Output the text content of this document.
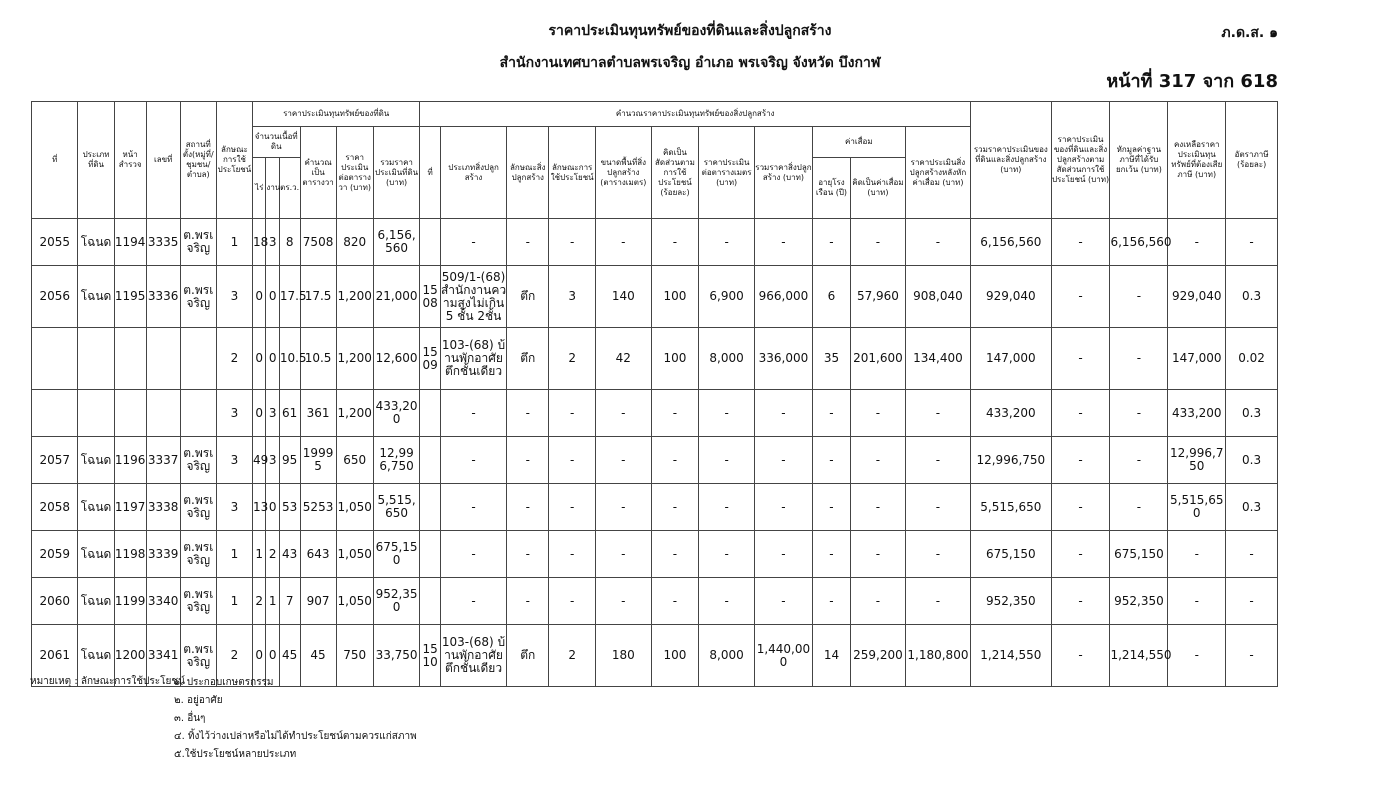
ราคาประเมินทุนทรัพย์ของที่ดินและสิ่งปลูกสร้าง
สำนักงานเทศบาลตำบลพรเจริญ อำเภอ พรเจริญ จังหวัด บึงกาฬ
ภ.ด.ส. ๑
หน้าที่ 317 จาก 618
ที่	ประเภทที่ดิน	หน้าสำรวจ	เลขที่	สถานที่ตั้ง(หมู่ที่/ชุมชน/ตำบล)	ลักษณะการใช้ประโยชน์	ราคาประเมินทุนทรัพย์ของที่ดิน						คำนวณราคาประเมินทุนทรัพย์ของสิ่งปลูกสร้าง											รวมราคาประเมินของที่ดินและสิ่งปลูกสร้าง (บาท)	ราคาประเมินของที่ดินและสิ่งปลูกสร้างตามสัดส่วนการใช้ประโยชน์ (บาท)	หักมูลค่าฐานภาษีที่ได้รับยกเว้น (บาท)	คงเหลือราคาประเมินทุนทรัพย์ที่ต้องเสียภาษี (บาท)	อัตราภาษี (ร้อยละ)
						จำนวนเนื้อที่ดิน			คำนวณเป็นตารางวา	ราคาประเมินต่อตารางวา (บาท)	รวมราคาประเมินที่ดิน (บาท)	ที่	ประเภทสิ่งปลูกสร้าง	ลักษณะสิ่งปลูกสร้าง	ลักษณะการใช้ประโยชน์	ขนาดพื้นที่สิ่งปลูกสร้าง (ตารางเมตร)	คิดเป็นสัดส่วนตามการใช้ประโยชน์ (ร้อยละ)	ราคาประเมินต่อตารางเมตร (บาท)	รวมราคาสิ่งปลูกสร้าง (บาท)	ค่าเสื่อม		ราคาประเมินสิ่งปลูกสร้างหลังหักค่าเสื่อม (บาท)					
						ไร่	งาน	ตร.ว.												อายุโรงเรือน (ปี)	คิดเป็นค่าเสื่อม (บาท)						
2055	โฉนด	1194	3335	ต.พรเจริญ	1	18	3	8	7508	820	6,156,560		-	-	-	-	-	-	-	-	-	-	6,156,560	-	6,156,560	-	-
2056	โฉนด	1195	3336	ต.พรเจริญ	3	0	0	17.5	17.5	1,200	21,000	1508	509/1-(68) สำนักงานความสูงไม่เกิน 5 ชั้น 2ชั้น	ตึก	3	140	100	6,900	966,000	6	57,960	908,040	929,040	-	-	929,040	0.3
					2	0	0	10.5	10.5	1,200	12,600	1509	103-(68) บ้านพักอาศัยตึกชั้นเดียว	ตึก	2	42	100	8,000	336,000	35	201,600	134,400	147,000	-	-	147,000	0.02
					3	0	3	61	361	1,200	433,200		-	-	-	-	-	-	-	-	-	-	433,200	-	-	433,200	0.3
2057	โฉนด	1196	3337	ต.พรเจริญ	3	49	3	95	19995	650	12,996,750		-	-	-	-	-	-	-	-	-	-	12,996,750	-	-	12,996,750	0.3
2058	โฉนด	1197	3338	ต.พรเจริญ	3	13	0	53	5253	1,050	5,515,650		-	-	-	-	-	-	-	-	-	-	5,515,650	-	-	5,515,650	0.3
2059	โฉนด	1198	3339	ต.พรเจริญ	1	1	2	43	643	1,050	675,150		-	-	-	-	-	-	-	-	-	-	675,150	-	675,150	-	-
2060	โฉนด	1199	3340	ต.พรเจริญ	1	2	1	7	907	1,050	952,350		-	-	-	-	-	-	-	-	-	-	952,350	-	952,350	-	-
2061	โฉนด	1200	3341	ต.พรเจริญ	2	0	0	45	45	750	33,750	1510	103-(68) บ้านพักอาศัยตึกชั้นเดียว	ตึก	2	180	100	8,000	1,440,000	14	259,200	1,180,800	1,214,550	-	1,214,550	-	-
หมายเหตุ : ลักษณะการใช้ประโยชน์
๑. ประกอบเกษตรกรรม
๒. อยู่อาศัย
๓. อื่นๆ
๔. ทิ้งไว้ว่างเปล่าหรือไม่ได้ทำประโยชน์ตามควรแก่สภาพ
๕.ใช้ประโยชน์หลายประเภท
